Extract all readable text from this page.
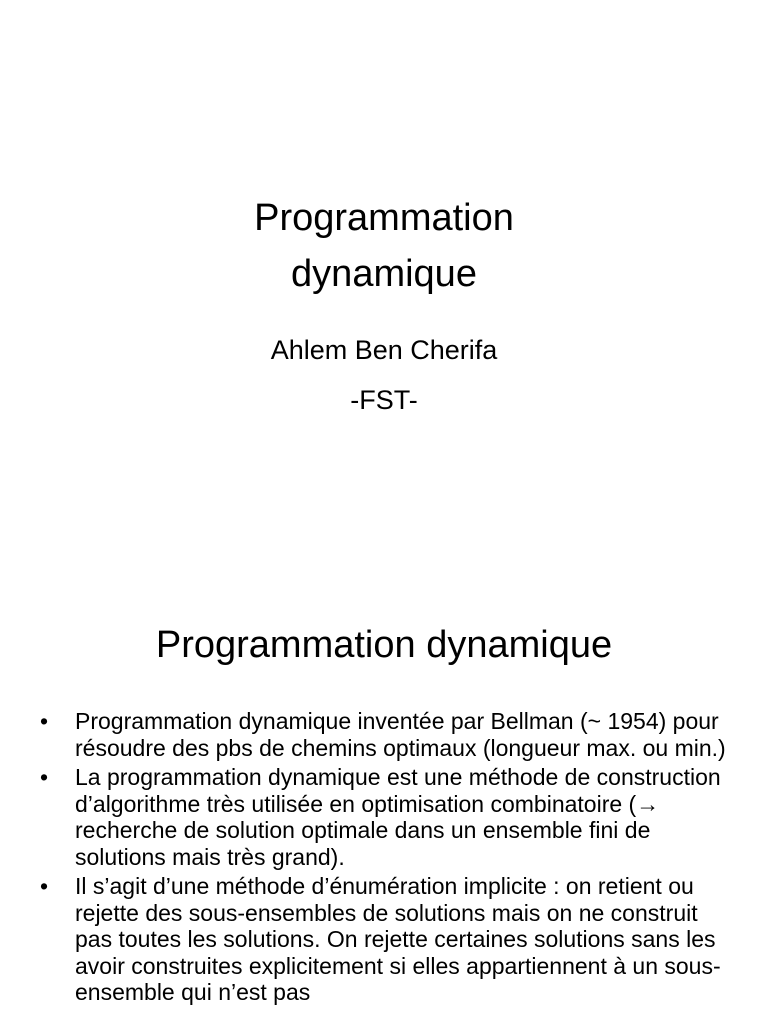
Programmation
dynamique
Ahlem Ben Cherifa
-FST-
Programmation dynamique
• Programmation dynamique inventée par Bellman (~ 1954) pour résoudre des pbs de chemins optimaux (longueur max. ou min.)
• La programmation dynamique est une méthode de construction d’algorithme très utilisée en optimisation combinatoire (→ recherche de solution optimale dans un ensemble fini de solutions mais très grand).
• Il s’agit d’une méthode d’énumération implicite : on retient ou rejette des sous-ensembles de solutions mais on ne construit pas toutes les solutions. On rejette certaines solutions sans les avoir construites explicitement si elles appartiennent à un sous-ensemble qui n’est pas
